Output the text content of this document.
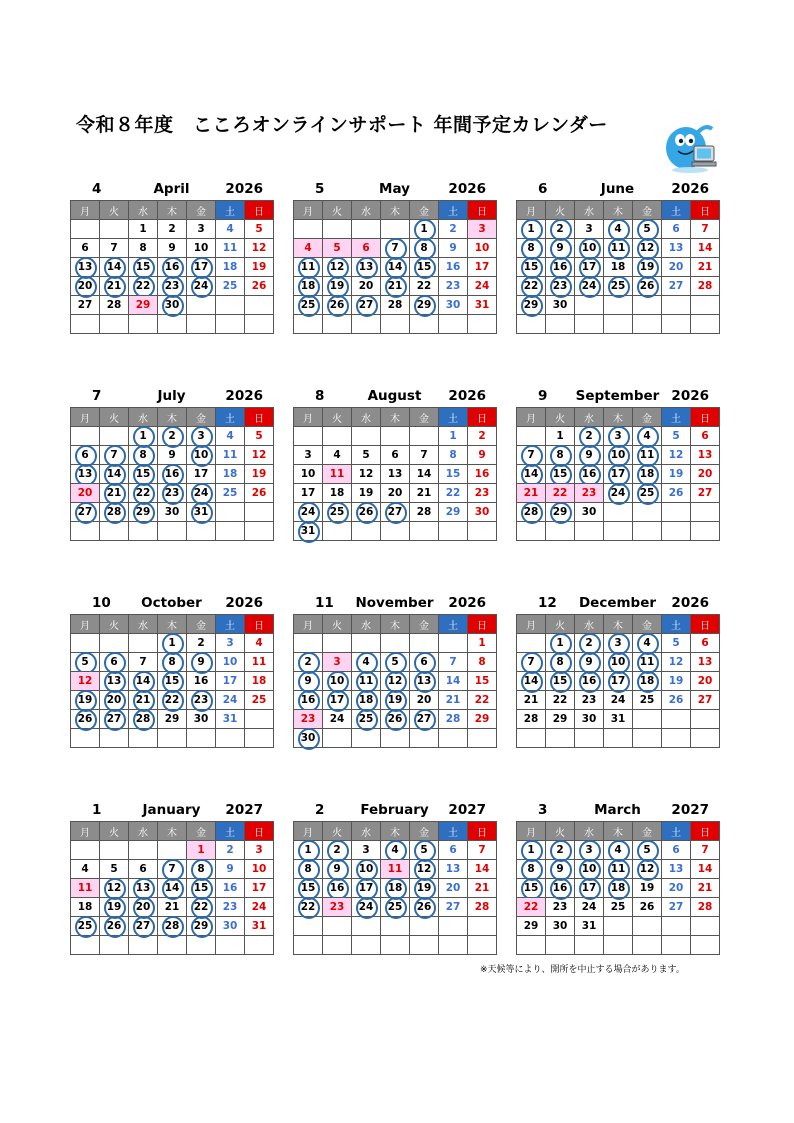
令和８年度　こころオンラインサポート 年間予定カレンダー
4	April	2026
月	火	水	木	金	土	日
		1	2	3	4	5
6	7	8	9	10	11	12
13	14	15	16	17	18	19
20	21	22	23	24	25	26
27	28	29	30

5	May	2026
月	火	水	木	金	土	日
				1	2	3
4	5	6	7	8	9	10
11	12	13	14	15	16	17
18	19	20	21	22	23	24
25	26	27	28	29	30	31

6	June	2026
月	火	水	木	金	土	日
1	2	3	4	5	6	7
8	9	10	11	12	13	14
15	16	17	18	19	20	21
22	23	24	25	26	27	28
29	30					

7	July	2026
月	火	水	木	金	土	日
		1	2	3	4	5
6	7	8	9	10	11	12
13	14	15	16	17	18	19
20	21	22	23	24	25	26
27	28	29	30	31

8	August	2026
月	火	水	木	金	土	日
					1	2
3	4	5	6	7	8	9
10	11	12	13	14	15	16
17	18	19	20	21	22	23
24	25	26	27	28	29	30
31

9	September 2026
月	火	水	木	金	土	日
	1	2	3	4	5	6
7	8	9	10	11	12	13
14	15	16	17	18	19	20
21	22	23	24	25	26	27
28	29	30				

10	October	2026
月	火	水	木	金	土	日
			1	2	3	4
5	6	7	8	9	10	11
12	13	14	15	16	17	18
19	20	21	22	23	24	25
26	27	28	29	30	31	

11	November	2026
月	火	水	木	金	土	日
						1
2	3	4	5	6	7	8
9	10	11	12	13	14	15
16	17	18	19	20	21	22
23	24	25	26	27	28	29
30

12	December	2026
月	火	水	木	金	土	日
	1	2	3	4	5	6
7	8	9	10	11	12	13
14	15	16	17	18	19	20
21	22	23	24	25	26	27
28	29	30	31			

1	January	2027
月	火	水	木	金	土	日
				1	2	3
4	5	6	7	8	9	10
11	12	13	14	15	16	17
18	19	20	21	22	23	24
25	26	27	28	29	30	31

2	February	2027
月	火	水	木	金	土	日
1	2	3	4	5	6	7
8	9	10	11	12	13	14
15	16	17	18	19	20	21
22	23	24	25	26	27	28

3	March	2027
月	火	水	木	金	土	日
1	2	3	4	5	6	7
8	9	10	11	12	13	14
15	16	17	18	19	20	21
22	23	24	25	26	27	28
29	30	31				

※天候等により、開所を中止する場合があります。
